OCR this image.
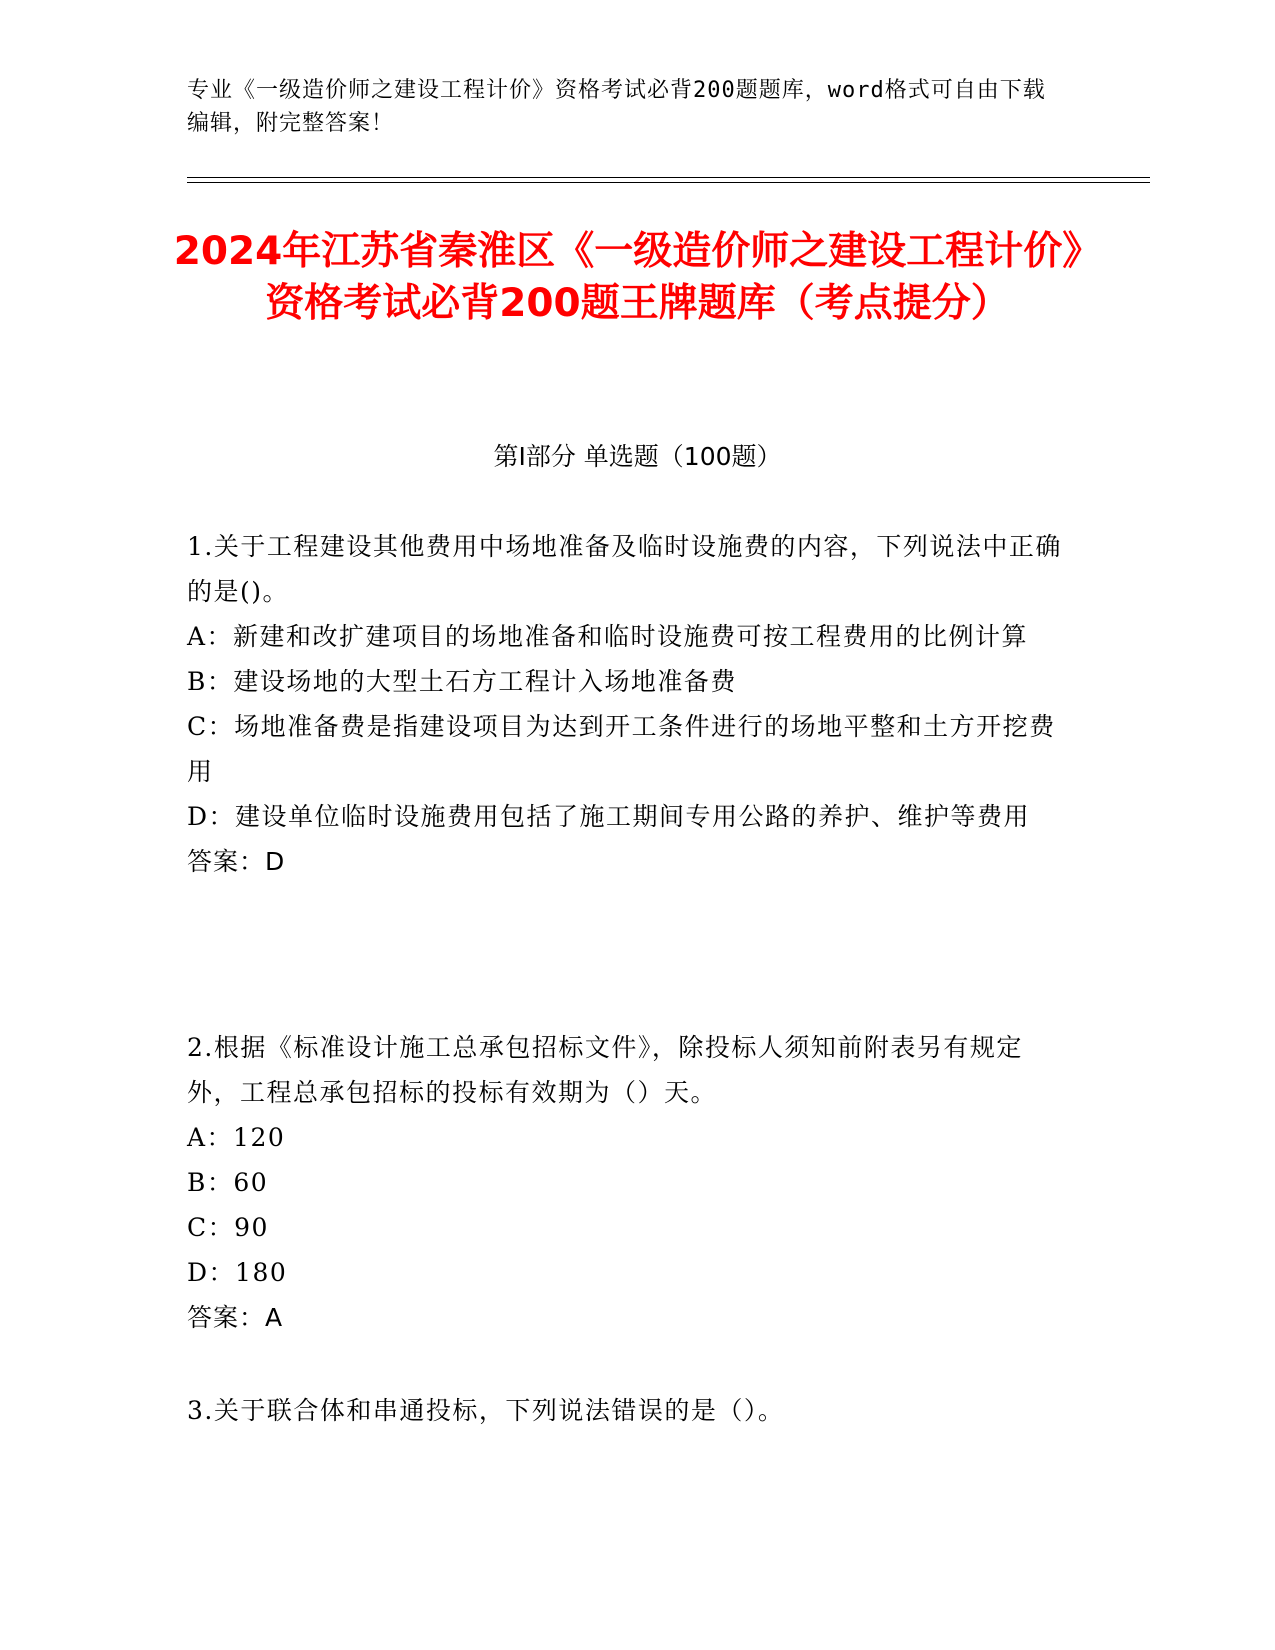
专业《一级造价师之建设工程计价》资格考试必背200题题库，word格式可自由下载编辑，附完整答案！
2024年江苏省秦淮区《一级造价师之建设工程计价》资格考试必背200题王牌题库（考点提分）
第Ⅰ部分 单选题（100题）

1.关于工程建设其他费用中场地准备及临时设施费的内容，下列说法中正确的是()。

A：新建和改扩建项目的场地准备和临时设施费可按工程费用的比例计算

B：建设场地的大型土石方工程计入场地准备费

C：场地准备费是指建设项目为达到开工条件进行的场地平整和土方开挖费用

D：建设单位临时设施费用包括了施工期间专用公路的养护、维护等费用

答案：D

2.根据《标准设计施工总承包招标文件》，除投标人须知前附表另有规定外，工程总承包招标的投标有效期为（）天。

A：120

B：60

C：90

D：180

答案：A

3.关于联合体和串通投标，下列说法错误的是（）。
